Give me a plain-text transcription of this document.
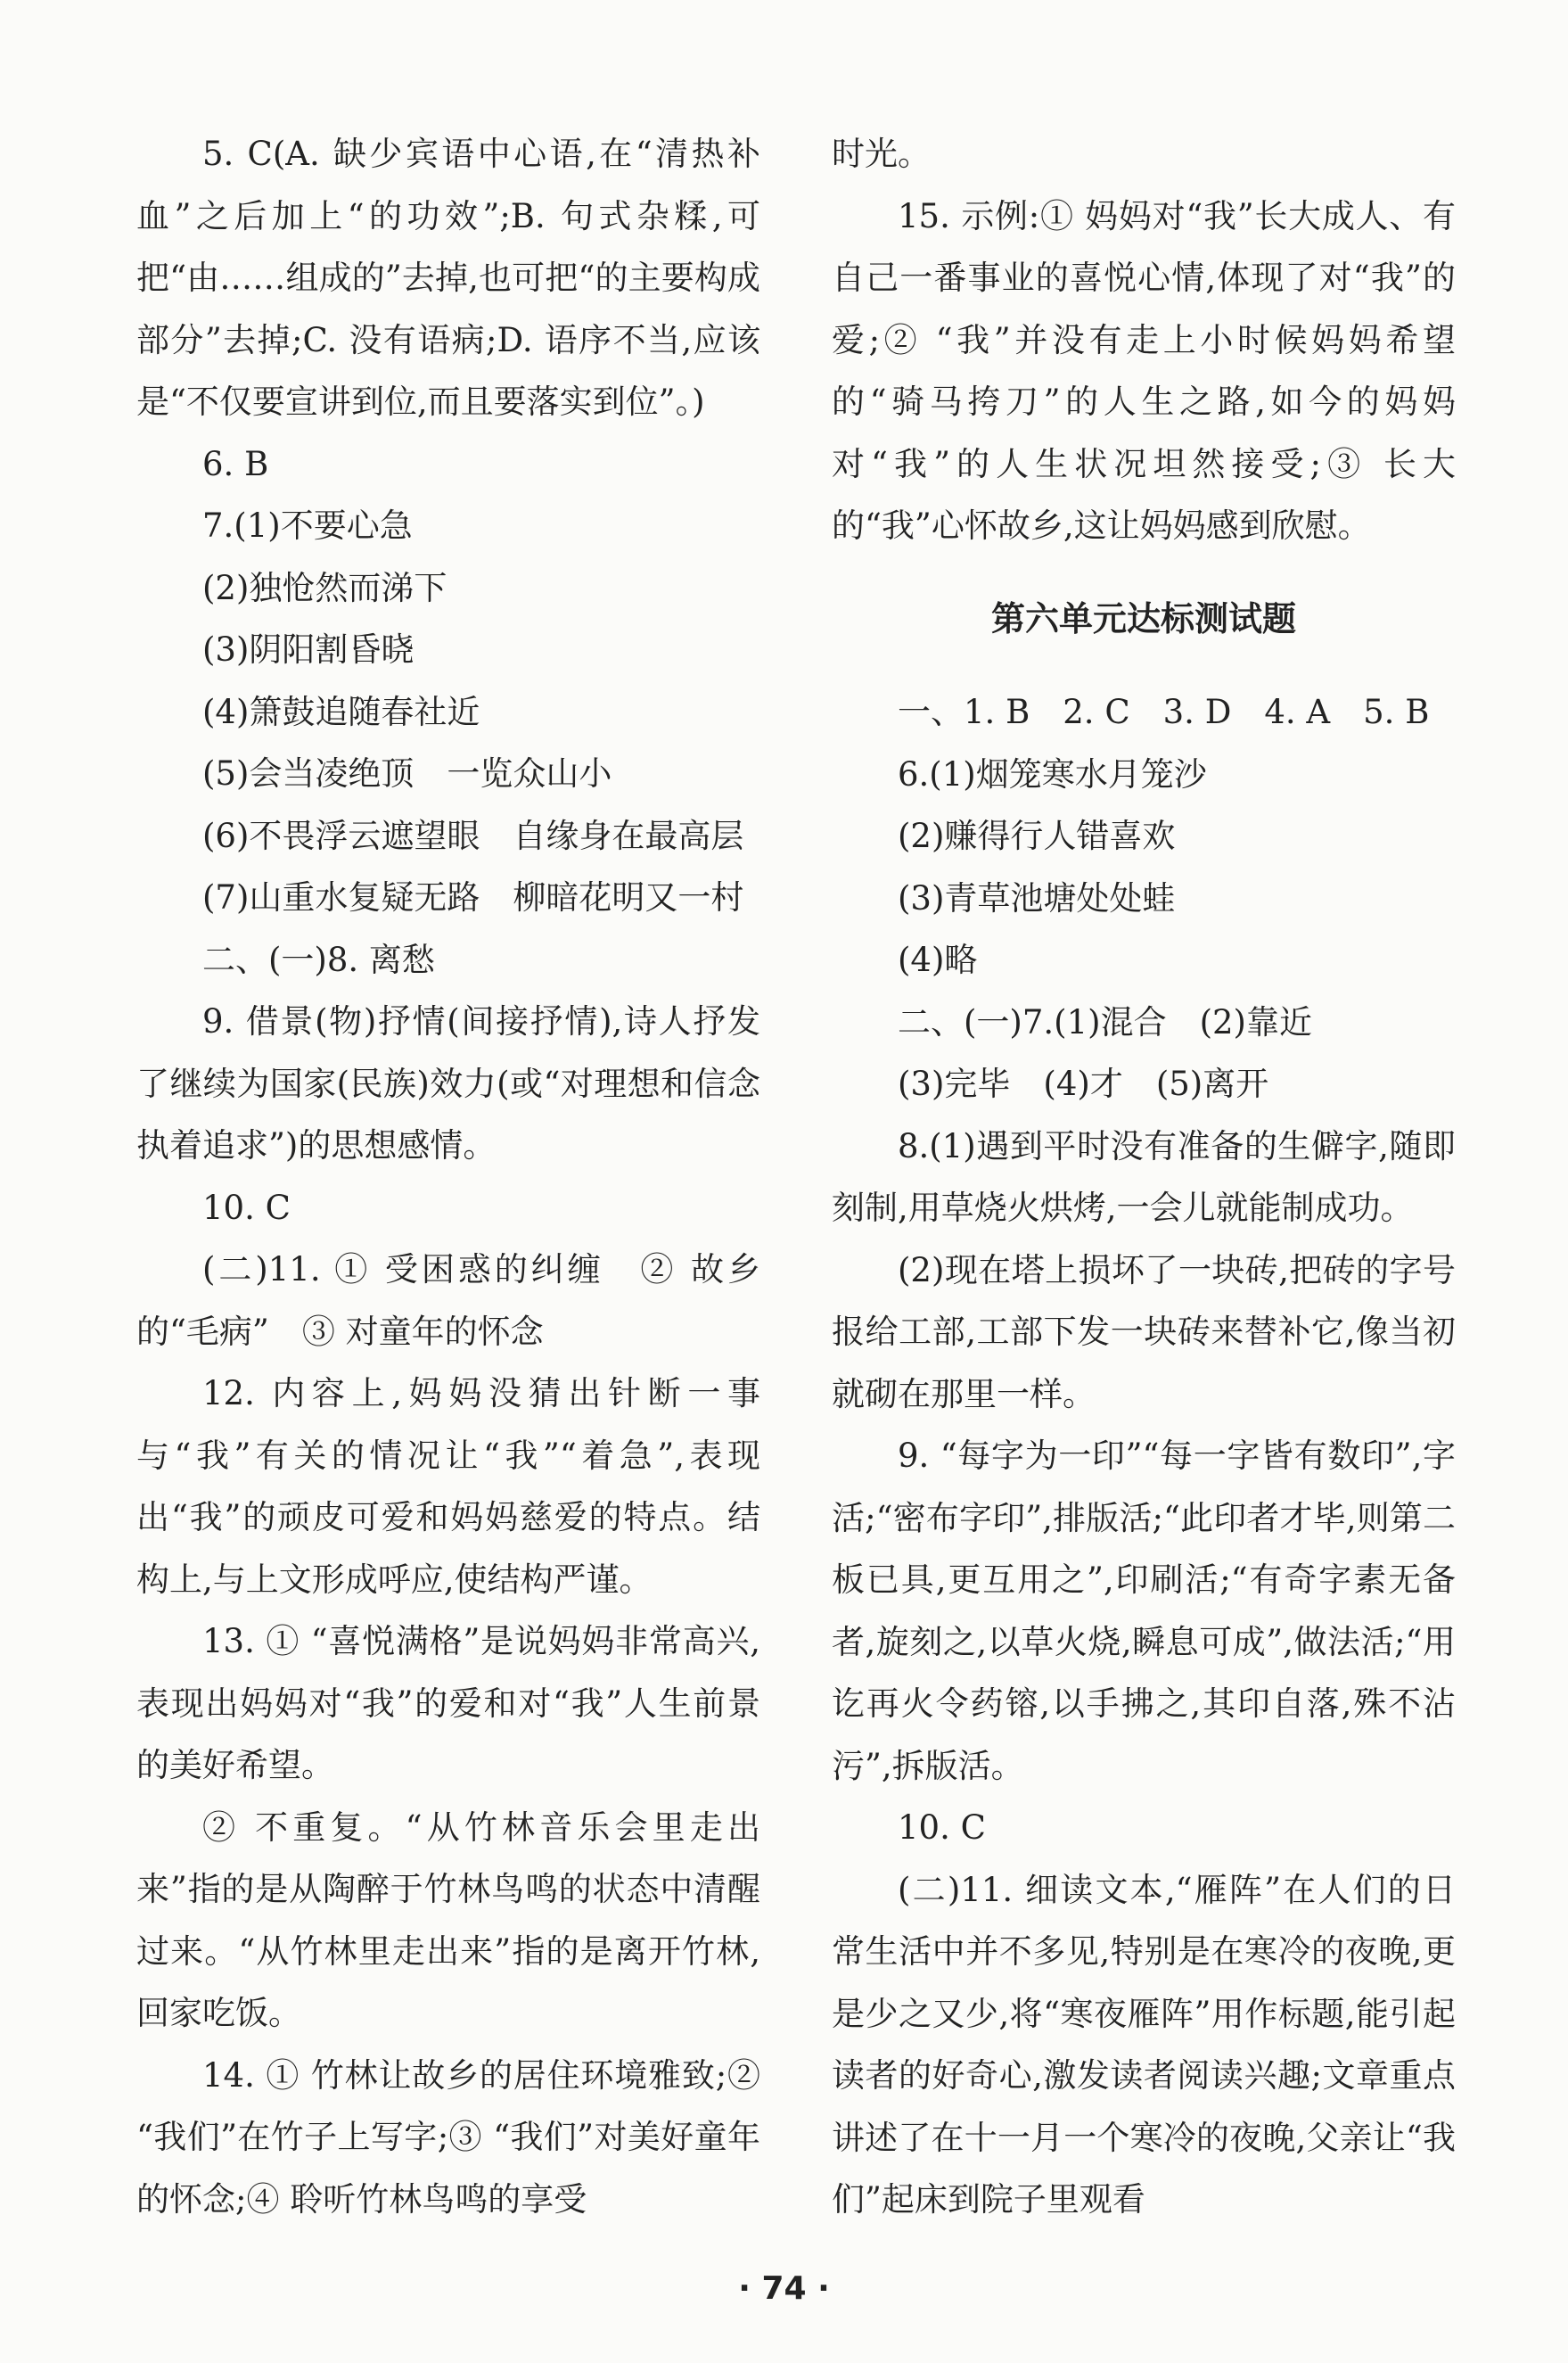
5. C(A. 缺少宾语中心语,在“清热补血”之后加上“的功效”;B. 句式杂糅,可把“由……组成的”去掉,也可把“的主要构成部分”去掉;C. 没有语病;D. 语序不当,应该是“不仅要宣讲到位,而且要落实到位”。)

6. B

7.(1)不要心急

(2)独怆然而涕下

(3)阴阳割昏晓

(4)箫鼓追随春社近

(5)会当凌绝顶　一览众山小

(6)不畏浮云遮望眼　自缘身在最高层

(7)山重水复疑无路　柳暗花明又一村

二、(一)8. 离愁

9. 借景(物)抒情(间接抒情),诗人抒发了继续为国家(民族)效力(或“对理想和信念执着追求”)的思想感情。

10. C

(二)11. ① 受困惑的纠缠　② 故乡的“毛病”　③ 对童年的怀念

12. 内容上,妈妈没猜出针断一事与“我”有关的情况让“我”“着急”,表现出“我”的顽皮可爱和妈妈慈爱的特点。结构上,与上文形成呼应,使结构严谨。

13. ① “喜悦满格”是说妈妈非常高兴,表现出妈妈对“我”的爱和对“我”人生前景的美好希望。

② 不重复。“从竹林音乐会里走出来”指的是从陶醉于竹林鸟鸣的状态中清醒过来。“从竹林里走出来”指的是离开竹林,回家吃饭。

14. ① 竹林让故乡的居住环境雅致;② “我们”在竹子上写字;③ “我们”对美好童年的怀念;④ 聆听竹林鸟鸣的享受

时光。

15. 示例:① 妈妈对“我”长大成人、有自己一番事业的喜悦心情,体现了对“我”的爱;② “我”并没有走上小时候妈妈希望的“骑马挎刀”的人生之路,如今的妈妈对“我”的人生状况坦然接受;③ 长大的“我”心怀故乡,这让妈妈感到欣慰。

第六单元达标测试题

一、1. B　2. C　3. D　4. A　5. B

6.(1)烟笼寒水月笼沙

(2)赚得行人错喜欢

(3)青草池塘处处蛙

(4)略

二、(一)7.(1)混合　(2)靠近

(3)完毕　(4)才　(5)离开

8.(1)遇到平时没有准备的生僻字,随即刻制,用草烧火烘烤,一会儿就能制成功。

(2)现在塔上损坏了一块砖,把砖的字号报给工部,工部下发一块砖来替补它,像当初就砌在那里一样。

9. “每字为一印”“每一字皆有数印”,字活;“密布字印”,排版活;“此印者才毕,则第二板已具,更互用之”,印刷活;“有奇字素无备者,旋刻之,以草火烧,瞬息可成”,做法活;“用讫再火令药镕,以手拂之,其印自落,殊不沾污”,拆版活。

10. C

(二)11. 细读文本,“雁阵”在人们的日常生活中并不多见,特别是在寒冷的夜晚,更是少之又少,将“寒夜雁阵”用作标题,能引起读者的好奇心,激发读者阅读兴趣;文章重点讲述了在十一月一个寒冷的夜晚,父亲让“我们”起床到院子里观看

· 74 ·
